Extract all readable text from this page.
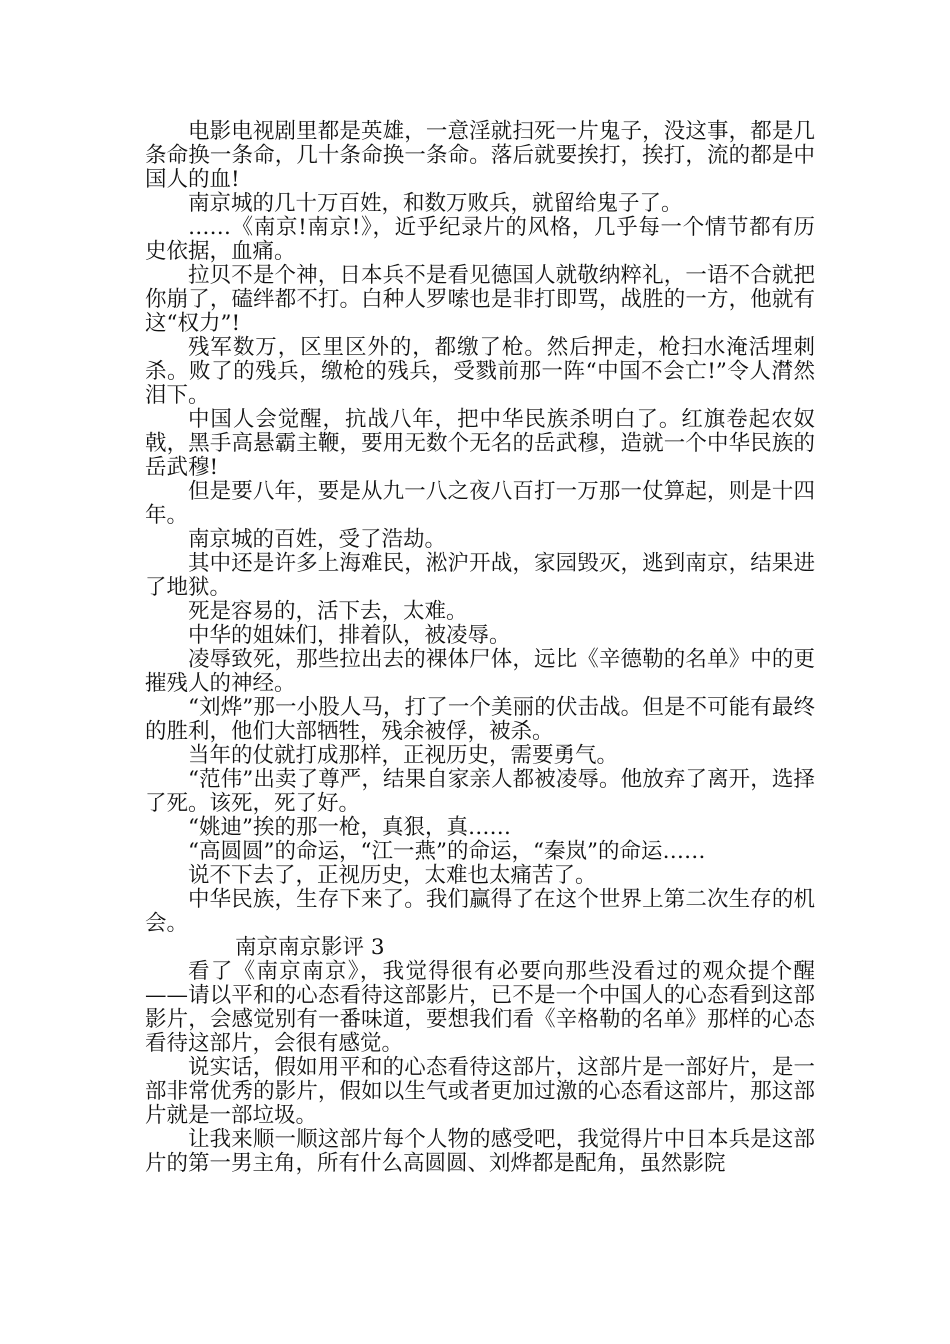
电影电视剧里都是英雄，一意淫就扫死一片鬼子，没这事，都是几条命换一条命，几十条命换一条命。落后就要挨打，挨打，流的都是中国人的血!

南京城的几十万百姓，和数万败兵，就留给鬼子了。

……《南京!南京!》，近乎纪录片的风格，几乎每一个情节都有历史依据，血痛。

拉贝不是个神，日本兵不是看见德国人就敬纳粹礼，一语不合就把你崩了，磕绊都不打。白种人罗嗦也是非打即骂，战胜的一方，他就有这“权力”!

残军数万，区里区外的，都缴了枪。然后押走，枪扫水淹活埋刺杀。败了的残兵，缴枪的残兵，受戮前那一阵“中国不会亡!”令人潸然泪下。

中国人会觉醒，抗战八年，把中华民族杀明白了。红旗卷起农奴戟，黑手高悬霸主鞭，要用无数个无名的岳武穆，造就一个中华民族的岳武穆!

但是要八年，要是从九一八之夜八百打一万那一仗算起，则是十四年。

南京城的百姓，受了浩劫。

其中还是许多上海难民，淞沪开战，家园毁灭，逃到南京，结果进了地狱。

死是容易的，活下去，太难。

中华的姐妹们，排着队，被凌辱。

凌辱致死，那些拉出去的裸体尸体，远比《辛德勒的名单》中的更摧残人的神经。

“刘烨”那一小股人马，打了一个美丽的伏击战。但是不可能有最终的胜利，他们大部牺牲，残余被俘，被杀。

当年的仗就打成那样，正视历史，需要勇气。

“范伟”出卖了尊严，结果自家亲人都被凌辱。他放弃了离开，选择了死。该死，死了好。

“姚迪”挨的那一枪，真狠，真……

“高圆圆”的命运，“江一燕”的命运，“秦岚”的命运……

说不下去了，正视历史，太难也太痛苦了。

中华民族，生存下来了。我们赢得了在这个世界上第二次生存的机会。

南京南京影评 3

看了《南京南京》，我觉得很有必要向那些没看过的观众提个醒——请以平和的心态看待这部影片，已不是一个中国人的心态看到这部影片，会感觉别有一番味道，要想我们看《辛格勒的名单》那样的心态看待这部片，会很有感觉。

说实话，假如用平和的心态看待这部片，这部片是一部好片，是一部非常优秀的影片，假如以生气或者更加过激的心态看这部片，那这部片就是一部垃圾。

让我来顺一顺这部片每个人物的感受吧，我觉得片中日本兵是这部片的第一男主角，所有什么高圆圆、刘烨都是配角，虽然影院
